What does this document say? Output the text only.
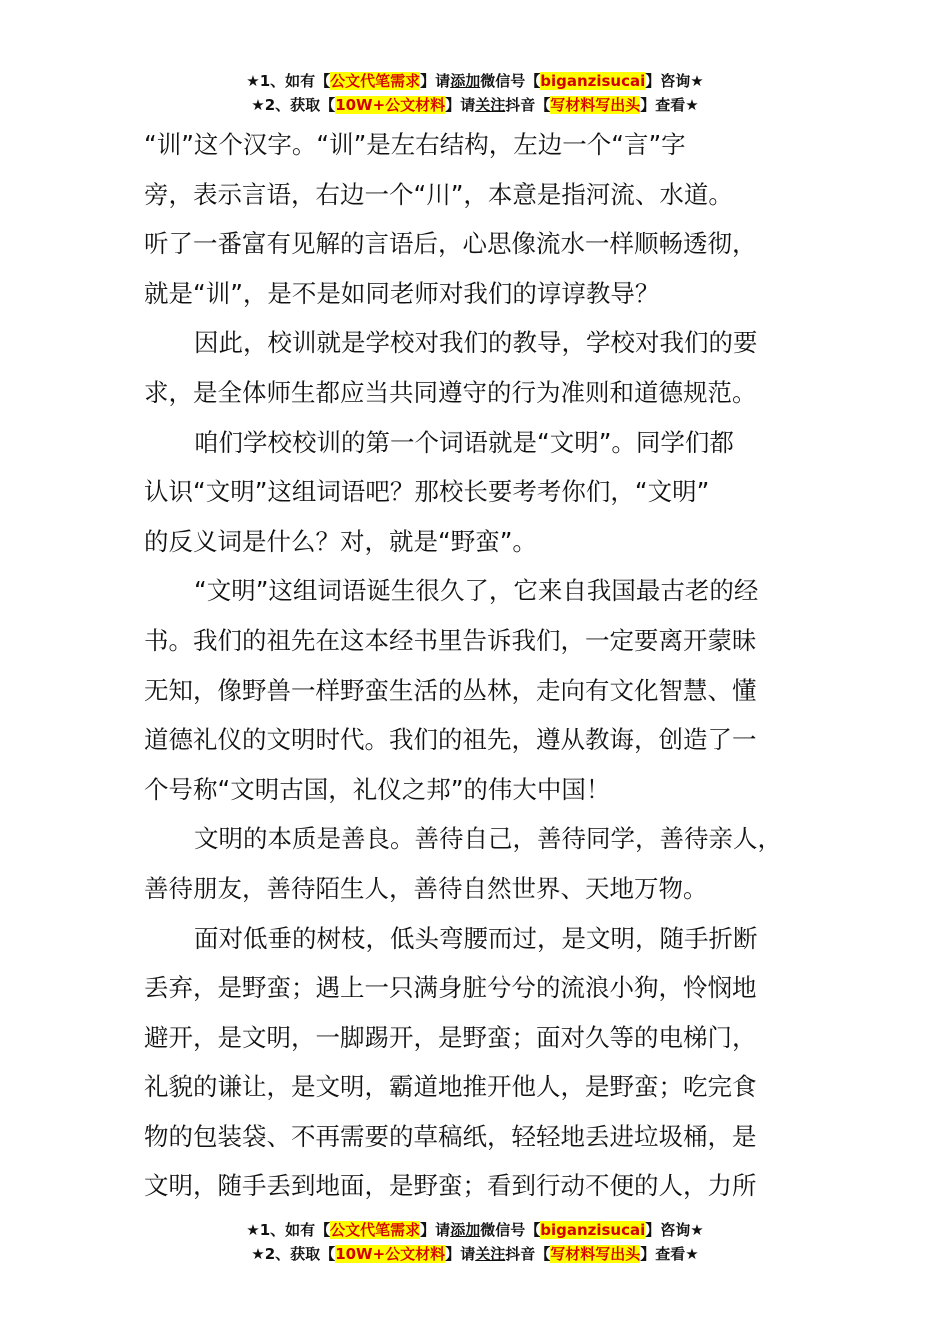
★1、如有【公文代笔需求】请添加微信号【biganzisucai】咨询★
★2、获取【10W+公文材料】请关注抖音【写材料写出头】查看★

“训”这个汉字。“训”是左右结构，左边一个“言”字

旁，表示言语，右边一个“川”，本意是指河流、水道。

听了一番富有见解的言语后，心思像流水一样顺畅透彻，

就是“训”，是不是如同老师对我们的谆谆教导？

因此，校训就是学校对我们的教导，学校对我们的要

求，是全体师生都应当共同遵守的行为准则和道德规范。

咱们学校校训的第一个词语就是“文明”。同学们都

认识“文明”这组词语吧？那校长要考考你们，“文明”

的反义词是什么？对，就是“野蛮”。

“文明”这组词语诞生很久了，它来自我国最古老的经

书。我们的祖先在这本经书里告诉我们，一定要离开蒙昧

无知，像野兽一样野蛮生活的丛林，走向有文化智慧、懂

道德礼仪的文明时代。我们的祖先，遵从教诲，创造了一

个号称“文明古国，礼仪之邦”的伟大中国！

文明的本质是善良。善待自己，善待同学，善待亲人，

善待朋友，善待陌生人，善待自然世界、天地万物。

面对低垂的树枝，低头弯腰而过，是文明，随手折断

丢弃，是野蛮；遇上一只满身脏兮兮的流浪小狗，怜悯地

避开，是文明，一脚踢开，是野蛮；面对久等的电梯门，

礼貌的谦让，是文明，霸道地推开他人，是野蛮；吃完食

物的包装袋、不再需要的草稿纸，轻轻地丢进垃圾桶，是

文明，随手丢到地面，是野蛮；看到行动不便的人，力所

★1、如有【公文代笔需求】请添加微信号【biganzisucai】咨询★
★2、获取【10W+公文材料】请关注抖音【写材料写出头】查看★
